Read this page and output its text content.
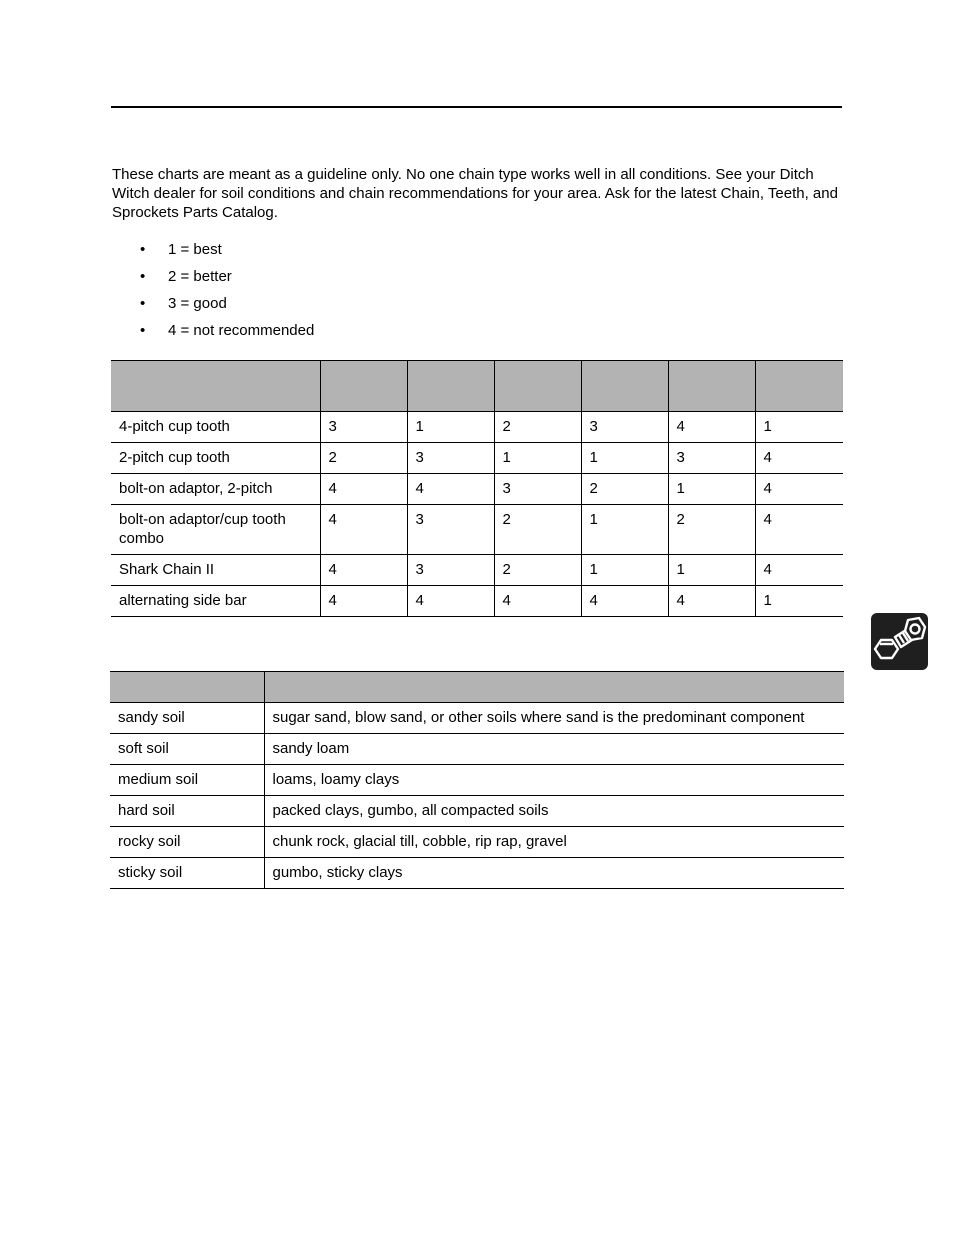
These charts are meant as a guideline only. No one chain type works well in all conditions. See your Ditch Witch dealer for soil conditions and chain recommendations for your area. Ask for the latest Chain, Teeth, and Sprockets Parts Catalog.

• 1 = best
• 2 = better
• 3 = good
• 4 = not recommended

4-pitch cup tooth	3	1	2	3	4	1
2-pitch cup tooth	2	3	1	1	3	4
bolt-on adaptor, 2-pitch	4	4	3	2	1	4
bolt-on adaptor/cup tooth combo	4	3	2	1	2	4
Shark Chain II	4	3	2	1	1	4
alternating side bar	4	4	4	4	4	1

sandy soil	sugar sand, blow sand, or other soils where sand is the predominant component
soft soil	sandy loam
medium soil	loams, loamy clays
hard soil	packed clays, gumbo, all compacted soils
rocky soil	chunk rock, glacial till, cobble, rip rap, gravel
sticky soil	gumbo, sticky clays
